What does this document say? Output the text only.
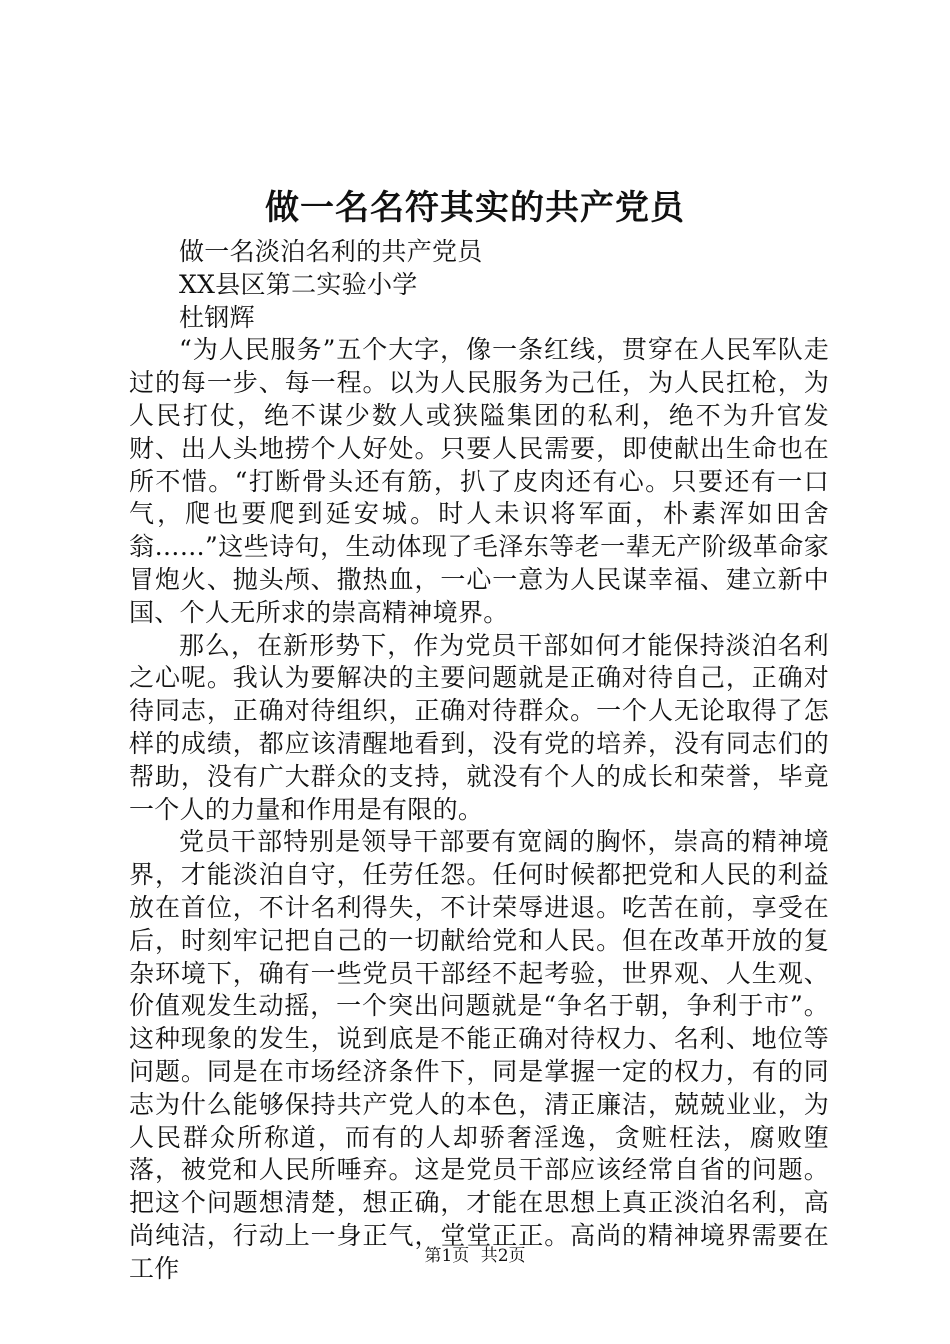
做一名名符其实的共产党员

做一名淡泊名利的共产党员

XX县区第二实验小学

杜钢辉

“为人民服务”五个大字，像一条红线，贯穿在人民军队走过的每一步、每一程。以为人民服务为己任，为人民扛枪，为人民打仗，绝不谋少数人或狭隘集团的私利，绝不为升官发财、出人头地捞个人好处。只要人民需要，即使献出生命也在所不惜。“打断骨头还有筋，扒了皮肉还有心。只要还有一口气，爬也要爬到延安城。时人未识将军面，朴素浑如田舍翁……”这些诗句，生动体现了毛泽东等老一辈无产阶级革命家冒炮火、抛头颅、撒热血，一心一意为人民谋幸福、建立新中国、个人无所求的崇高精神境界。

那么，在新形势下，作为党员干部如何才能保持淡泊名利之心呢。我认为要解决的主要问题就是正确对待自己，正确对待同志，正确对待组织，正确对待群众。一个人无论取得了怎样的成绩，都应该清醒地看到，没有党的培养，没有同志们的帮助，没有广大群众的支持，就没有个人的成长和荣誉，毕竟一个人的力量和作用是有限的。

党员干部特别是领导干部要有宽阔的胸怀，崇高的精神境界，才能淡泊自守，任劳任怨。任何时候都把党和人民的利益放在首位，不计名利得失，不计荣辱进退。吃苦在前，享受在后，时刻牢记把自己的一切献给党和人民。但在改革开放的复杂环境下，确有一些党员干部经不起考验，世界观、人生观、价值观发生动摇，一个突出问题就是“争名于朝，争利于市”。这种现象的发生，说到底是不能正确对待权力、名利、地位等问题。同是在市场经济条件下，同是掌握一定的权力，有的同志为什么能够保持共产党人的本色，清正廉洁，兢兢业业，为人民群众所称道，而有的人却骄奢淫逸，贪赃枉法，腐败堕落，被党和人民所唾弃。这是党员干部应该经常自省的问题。把这个问题想清楚，想正确，才能在思想上真正淡泊名利，高尚纯洁，行动上一身正气，堂堂正正。高尚的精神境界需要在工作	第1页 共2页
